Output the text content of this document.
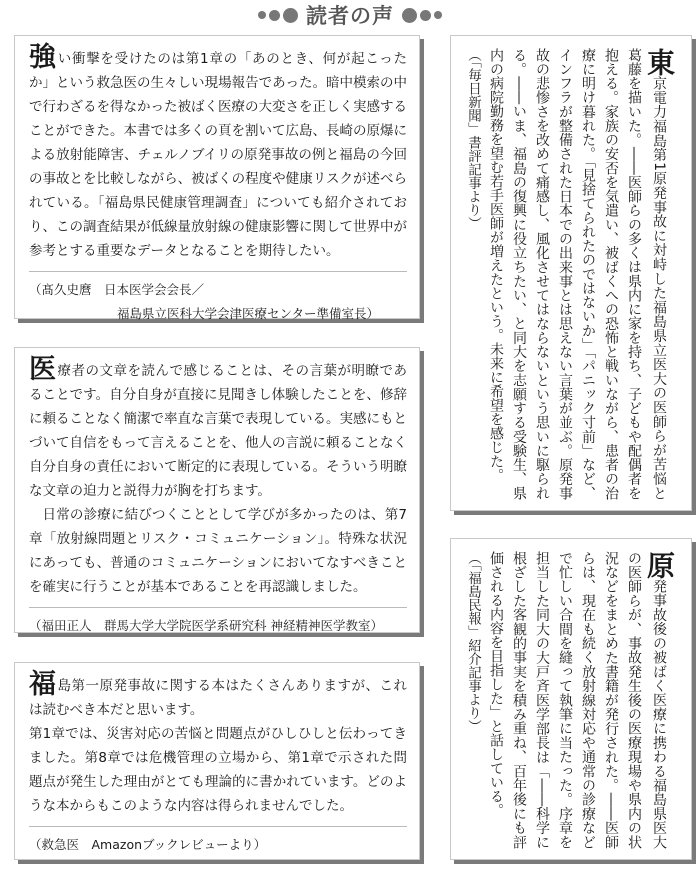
読者の声
強い衝撃を受けたのは第1章の「あのとき、何が起こったか」という救急医の生々しい現場報告であった。暗中模索の中で行わざるを得なかった被ばく医療の大変さを正しく実感することができた。本書では多くの頁を割いて広島、長崎の原爆による放射能障害、チェルノブイリの原発事故の例と福島の今回の事故とを比較しながら、被ばくの程度や健康リスクが述べられている。「福島県民健康管理調査」についても紹介されており、この調査結果が低線量放射線の健康影響に関して世界中が参考とする重要なデータとなることを期待したい。
（髙久史麿　日本医学会会長／
福島県立医科大学会津医療センター準備室長）
医療者の文章を読んで感じることは、その言葉が明瞭であることです。自分自身が直接に見聞きし体験したことを、修辞に頼ることなく簡潔で率直な言葉で表現している。実感にもとづいて自信をもって言えることを、他人の言説に頼ることなく自分自身の責任において断定的に表現している。そういう明瞭な文章の迫力と説得力が胸を打ちます。
日常の診療に結びつくこととして学びが多かったのは、第7章「放射線問題とリスク・コミュニケーション」。特殊な状況にあっても、普通のコミュニケーションにおいてなすべきことを確実に行うことが基本であることを再認識しました。
（福田正人　群馬大学大学院医学系研究科 神経精神医学教室）
福島第一原発事故に関する本はたくさんありますが、これは読むべき本だと思います。
第1章では、災害対応の苦悩と問題点がひしひしと伝わってきました。第8章では危機管理の立場から、第1章で示された問題点が発生した理由がとても理論的に書かれています。どのような本からもこのような内容は得られませんでした。
（救急医　Amazonブックレビューより）
東京電力福島第1原発事故に対峙した福島県立医大の医師らが苦悩と葛藤を描いた。――医師らの多くは県内に家を持ち、子どもや配偶者を抱える。家族の安否を気遣い、被ばくへの恐怖と戦いながら、患者の治療に明け暮れた。「見捨てられたのではないか」「パニック寸前」など、インフラが整備された日本での出来事とは思えない言葉が並ぶ。原発事故の悲惨さを改めて痛感し、風化させてはならないという思いに駆られる。――いま、福島の復興に役立ちたい、と同大を志願する受験生、県内の病院勤務を望む若手医師が増えたという。未来に希望を感じた。
（「毎日新聞」書評記事より）
原発事故後の被ばく医療に携わる福島県医大の医師らが、事故発生後の医療現場や県内の状況などをまとめた書籍が発行された。――医師らは、現在も続く放射線対応や通常の診療などで忙しい合間を縫って執筆に当たった。序章を担当した同大の大戸斉医学部長は「――科学に根ざした客観的事実を積み重ね、百年後にも評価される内容を目指した」と話している。
（「福島民報」紹介記事より）
